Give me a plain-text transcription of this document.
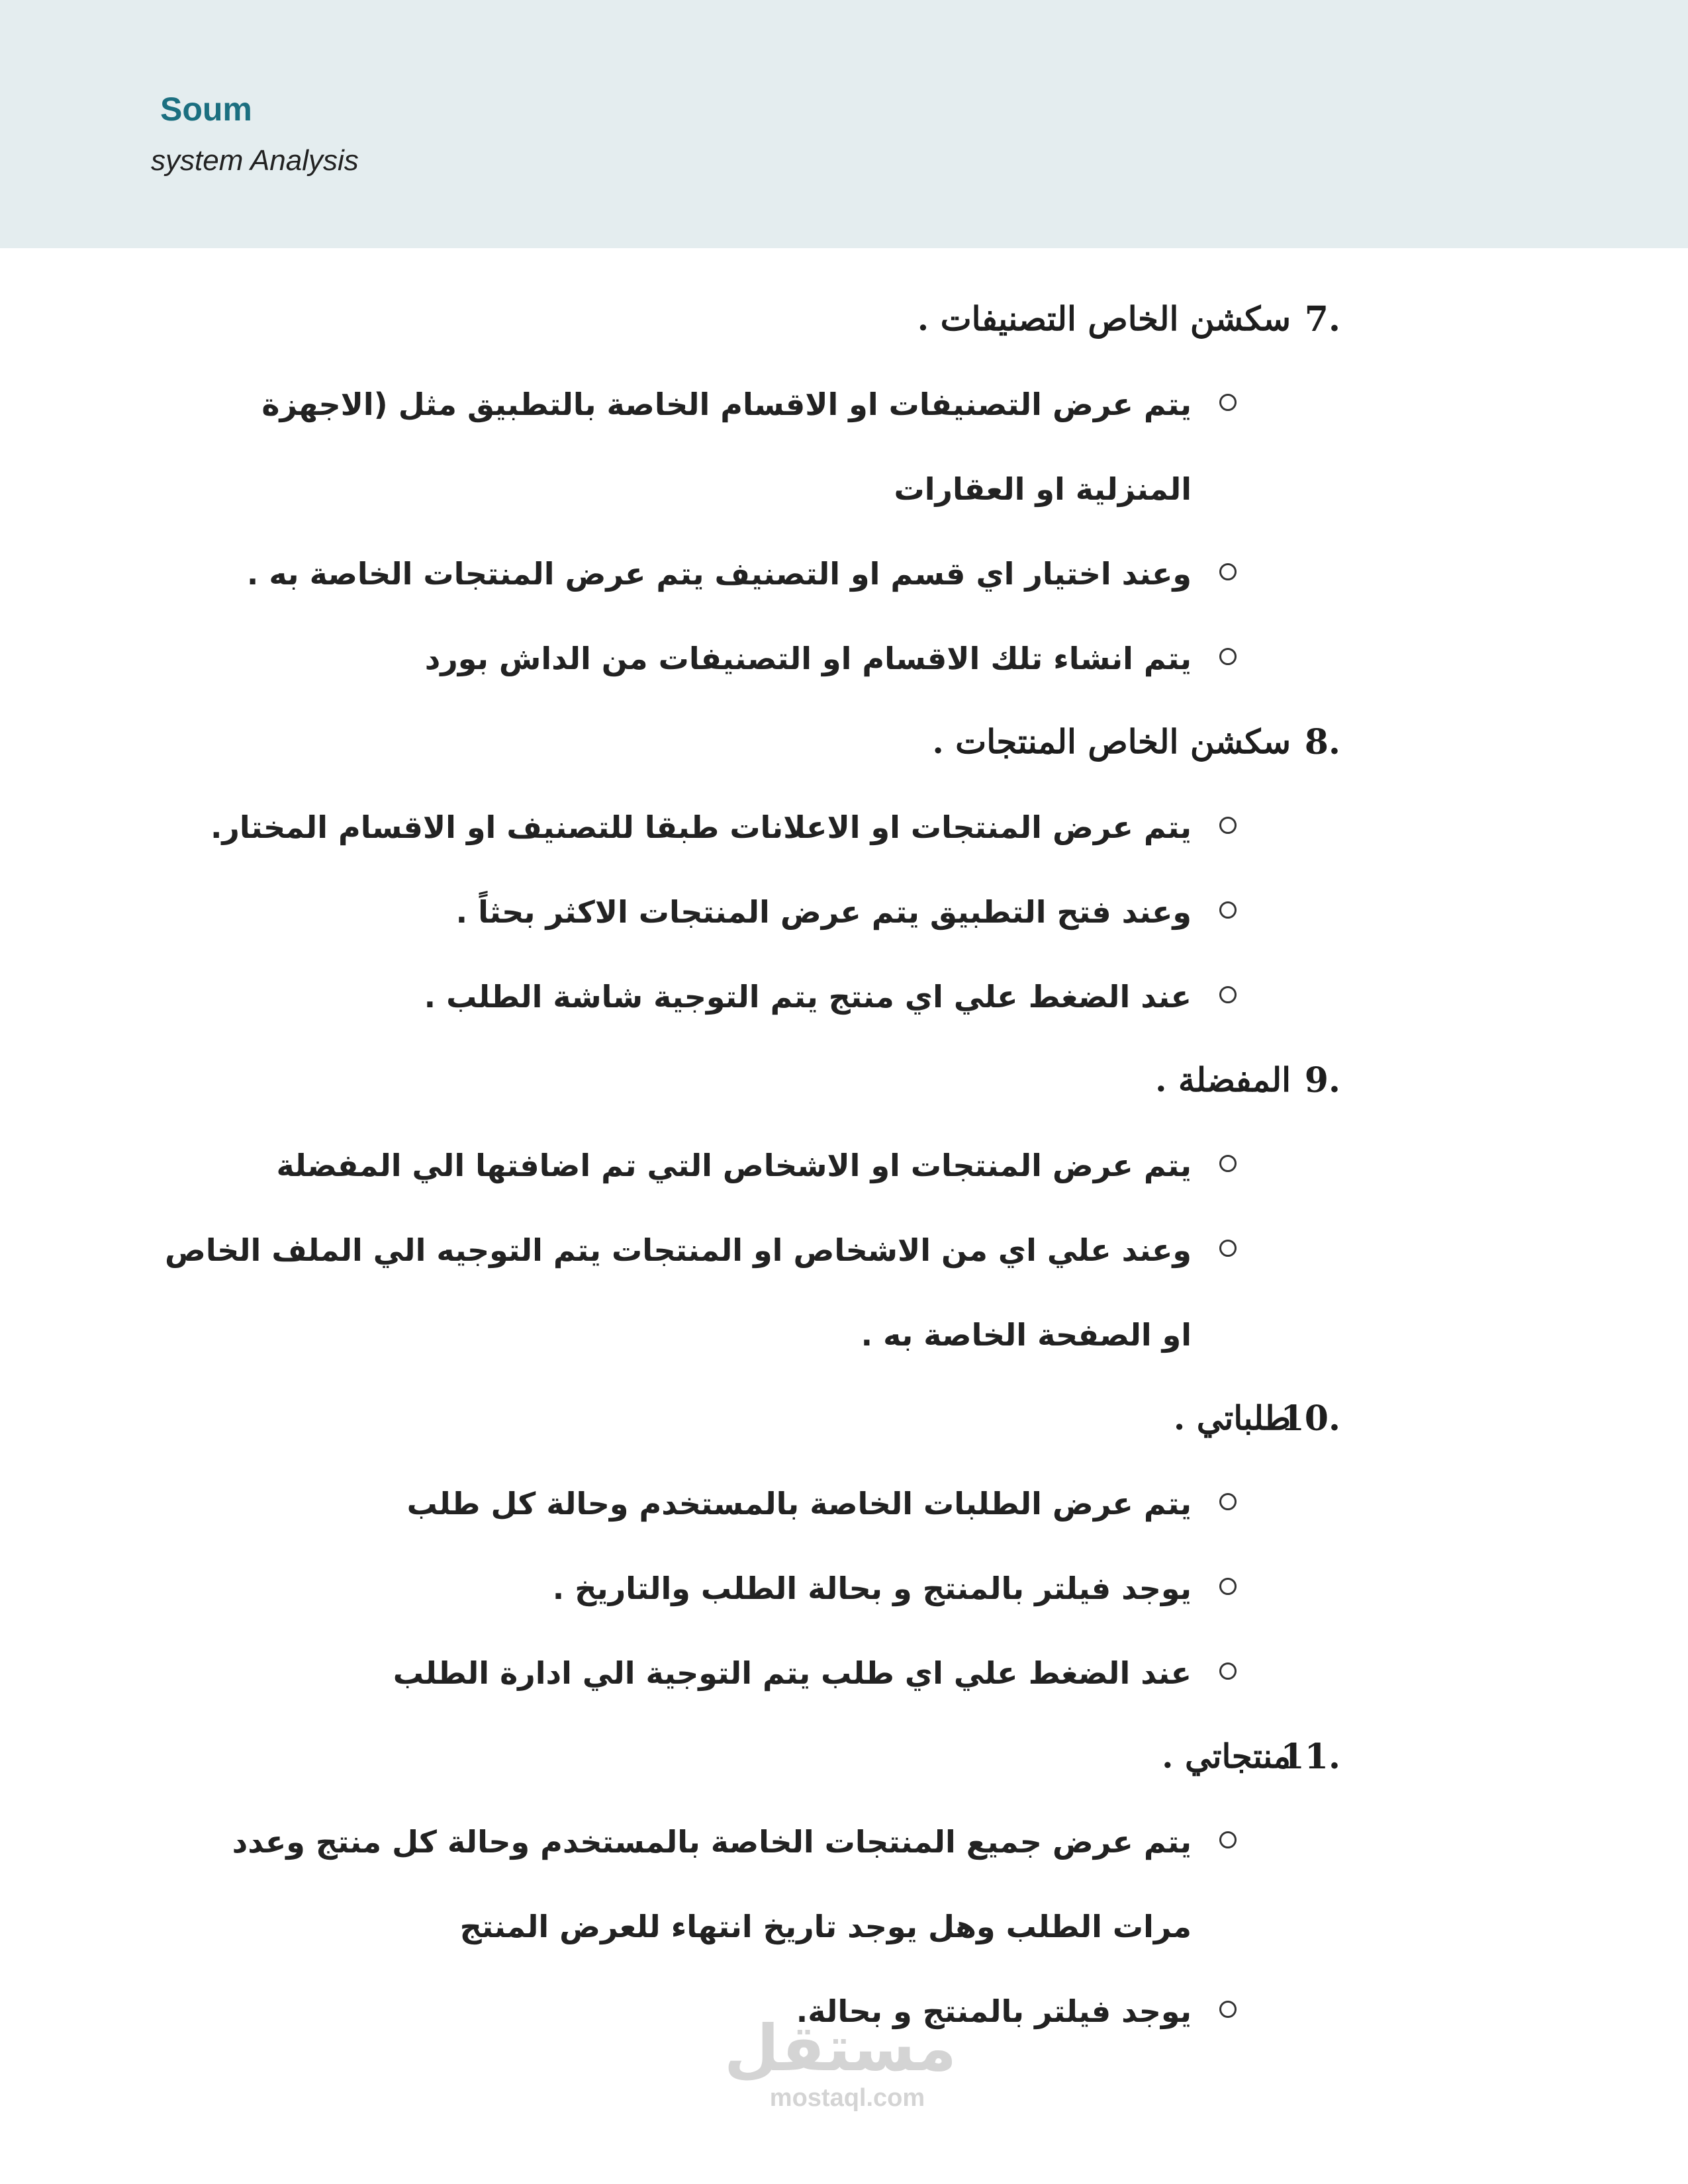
Soum
system Analysis
7.
سكشن الخاص التصنيفات .
يتم عرض التصنيفات او الاقسام الخاصة بالتطبيق مثل (الاجهزة المنزلية او العقارات
وعند اختيار اي قسم او التصنيف يتم عرض المنتجات الخاصة به .
يتم انشاء تلك الاقسام او التصنيفات من الداش بورد
8.
سكشن الخاص المنتجات .
يتم عرض المنتجات او الاعلانات طبقا للتصنيف او الاقسام المختار.
وعند فتح التطبيق يتم عرض المنتجات الاكثر بحثاً .
عند الضغط علي اي منتج يتم التوجية شاشة الطلب .
9.
المفضلة .
يتم عرض المنتجات او الاشخاص التي تم اضافتها الي المفضلة
وعند علي اي من الاشخاص او المنتجات يتم التوجيه الي الملف الخاص او الصفحة الخاصة به .
10.
طلباتي .
يتم عرض الطلبات الخاصة بالمستخدم وحالة كل طلب
يوجد فيلتر بالمنتج و بحالة الطلب والتاريخ .
عند الضغط علي اي طلب يتم التوجية الي ادارة الطلب
11.
منتجاتي .
يتم عرض جميع المنتجات الخاصة بالمستخدم وحالة كل منتج وعدد مرات الطلب وهل يوجد تاريخ انتهاء للعرض المنتج
يوجد فيلتر بالمنتج و بحالة.
مستقل
mostaql.com
